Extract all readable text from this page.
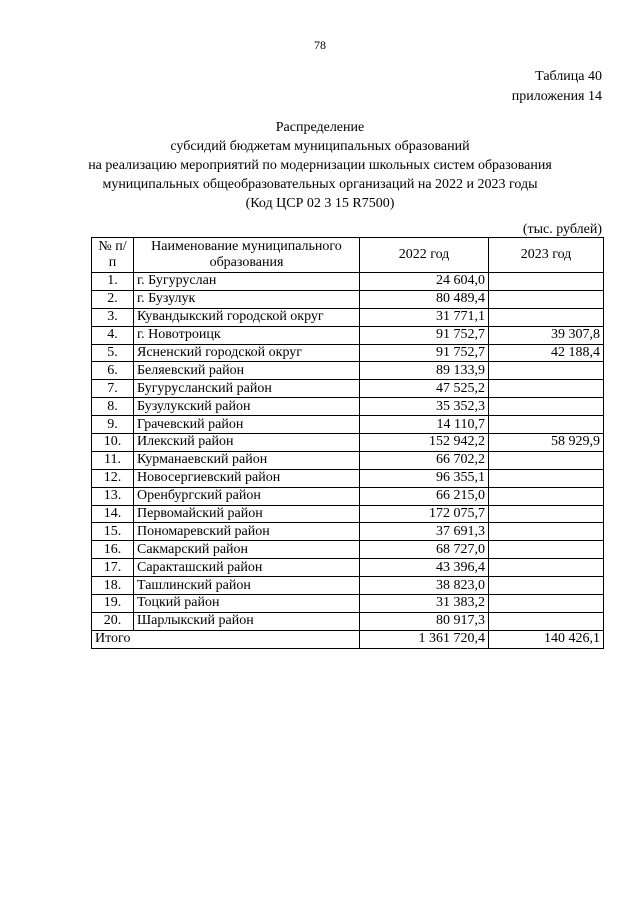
78
Таблица 40
приложения 14
Распределение
субсидий бюджетам муниципальных образований
на реализацию мероприятий по модернизации школьных систем образования
муниципальных общеобразовательных организаций на 2022 и 2023 годы
(Код ЦСР 02 3 15 R7500)
(тыс. рублей)
№ п/п	Наименование муниципального образования	2022 год	2023 год
1.	г. Бугуруслан	24 604,0	
2.	г. Бузулук	80 489,4	
3.	Кувандыкский городской округ	31 771,1	
4.	г. Новотроицк	91 752,7	39 307,8
5.	Ясненский городской округ	91 752,7	42 188,4
6.	Беляевский район	89 133,9	
7.	Бугурусланский район	47 525,2	
8.	Бузулукский район	35 352,3	
9.	Грачевский район	14 110,7	
10.	Илекский район	152 942,2	58 929,9
11.	Курманаевский район	66 702,2	
12.	Новосергиевский район	96 355,1	
13.	Оренбургский район	66 215,0	
14.	Первомайский район	172 075,7	
15.	Пономаревский район	37 691,3	
16.	Сакмарский район	68 727,0	
17.	Саракташский район	43 396,4	
18.	Ташлинский район	38 823,0	
19.	Тоцкий район	31 383,2	
20.	Шарлыкский район	80 917,3	
Итого		1 361 720,4	140 426,1
